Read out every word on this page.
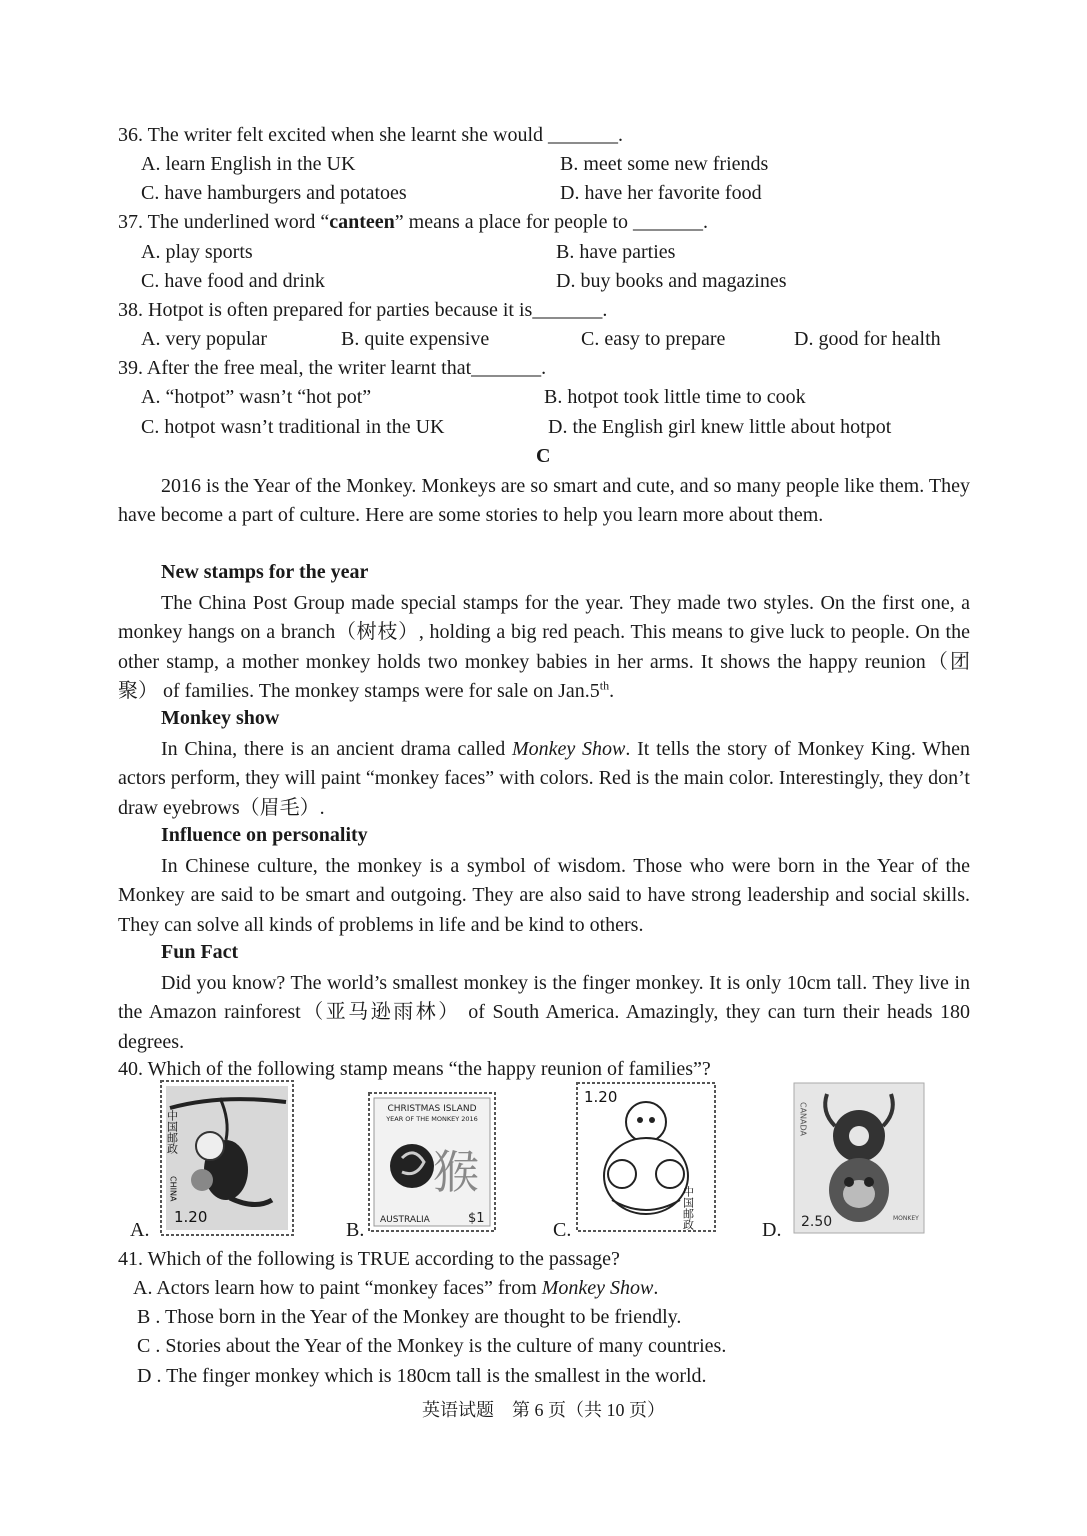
36. The writer felt excited when she learnt she would _______.
A. learn English in the UK	B. meet some new friends
C. have hamburgers and potatoes	D. have her favorite food
37. The underlined word “canteen” means a place for people to _______.
A. play sports	B. have parties
C. have food and drink	D. buy books and magazines
38. Hotpot is often prepared for parties because it is_______.
A. very popular	B. quite expensive	C. easy to prepare	D. good for health
39. After the free meal, the writer learnt that_______.
A. “hotpot” wasn’t “hot pot”	B. hotpot took little time to cook
C. hotpot wasn’t traditional in the UK	D. the English girl knew little about hotpot
C
2016 is the Year of the Monkey. Monkeys are so smart and cute, and so many people like them. They have become a part of culture. Here are some stories to help you learn more about them.
New stamps for the year
The China Post Group made special stamps for the year. They made two styles. On the first one, a monkey hangs on a branch（树枝）, holding a big red peach. This means to give luck to people. On the other stamp, a mother monkey holds two monkey babies in her arms. It shows the happy reunion（团聚） of families. The monkey stamps were for sale on Jan.5th.
Monkey show
In China, there is an ancient drama called Monkey Show. It tells the story of Monkey King. When actors perform, they will paint “monkey faces” with colors. Red is the main color. Interestingly, they don’t draw eyebrows（眉毛）.
Influence on personality
In Chinese culture, the monkey is a symbol of wisdom. Those who were born in the Year of the Monkey are said to be smart and outgoing. They are also said to have strong leadership and social skills. They can solve all kinds of problems in life and be kind to others.
Fun Fact
Did you know? The world’s smallest monkey is the finger monkey. It is only 10cm tall. They live in the Amazon rainforest（亚马逊雨林） of South America. Amazingly, they can turn their heads 180 degrees.
40. Which of the following stamp means “the happy reunion of families”?
A.	B.	C.	D.
中国邮政
CHINA
1.20
CHRISTMAS ISLAND
YEAR OF THE MONKEY 2016
猴
AUSTRALIA	$1
1.20
中国邮政
CANADA
2.50	MONKEY
41. Which of the following is TRUE according to the passage?
A. Actors learn how to paint “monkey faces” from Monkey Show.
B . Those born in the Year of the Monkey are thought to be friendly.
C . Stories about the Year of the Monkey is the culture of many countries.
D . The finger monkey which is 180cm tall is the smallest in the world.
英语试题　第 6 页（共 10 页）
